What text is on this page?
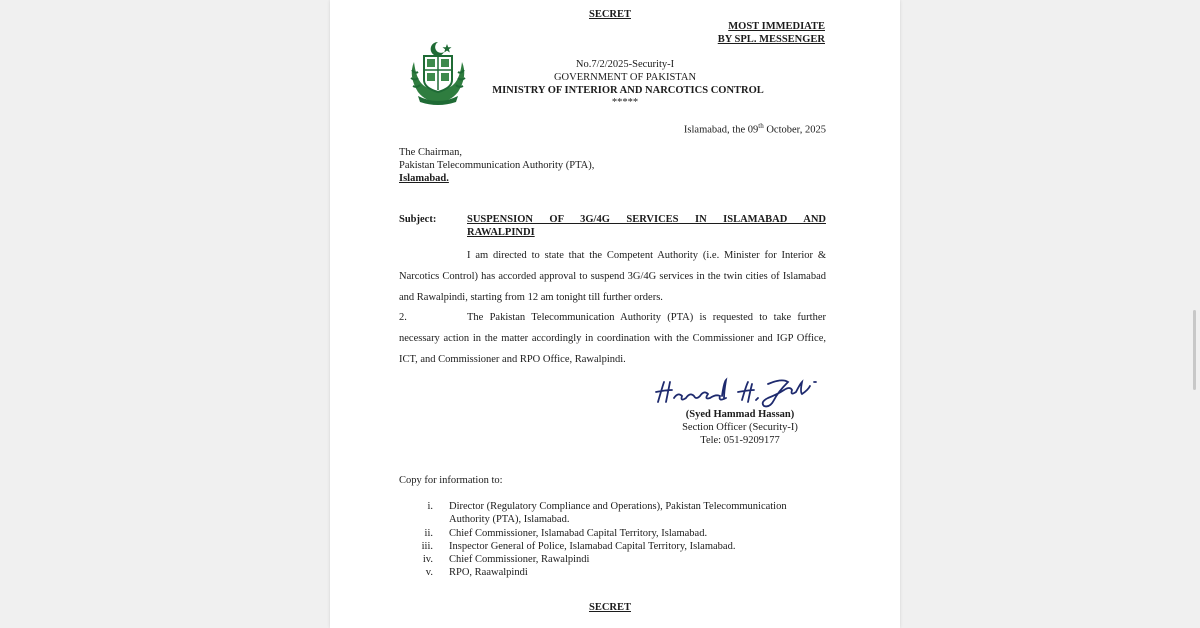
SECRET
MOST IMMEDIATE
BY SPL. MESSENGER
No.7/2/2025-Security-I
GOVERNMENT OF PAKISTAN
MINISTRY OF INTERIOR AND NARCOTICS CONTROL
*****
Islamabad, the 09th October, 2025
The Chairman,
Pakistan Telecommunication Authority (PTA),
Islamabad.
Subject:	SUSPENSION OF 3G/4G SERVICES IN ISLAMABAD AND
RAWALPINDI
I am directed to state that the Competent Authority (i.e. Minister for Interior & Narcotics Control) has accorded approval to suspend 3G/4G services in the twin cities of Islamabad and Rawalpindi, starting from 12 am tonight till further orders.
2.	The Pakistan Telecommunication Authority (PTA) is requested to take further necessary action in the matter accordingly in coordination with the Commissioner and IGP Office, ICT, and Commissioner and RPO Office, Rawalpindi.
(Syed Hammad Hassan)
Section Officer (Security-I)
Tele: 051-9209177
Copy for information to:
i. Director (Regulatory Compliance and Operations), Pakistan Telecommunication
Authority (PTA), Islamabad.
ii. Chief Commissioner, Islamabad Capital Territory, Islamabad.
iii. Inspector General of Police, Islamabad Capital Territory, Islamabad.
iv. Chief Commissioner, Rawalpindi
v. RPO, Raawalpindi
SECRET
